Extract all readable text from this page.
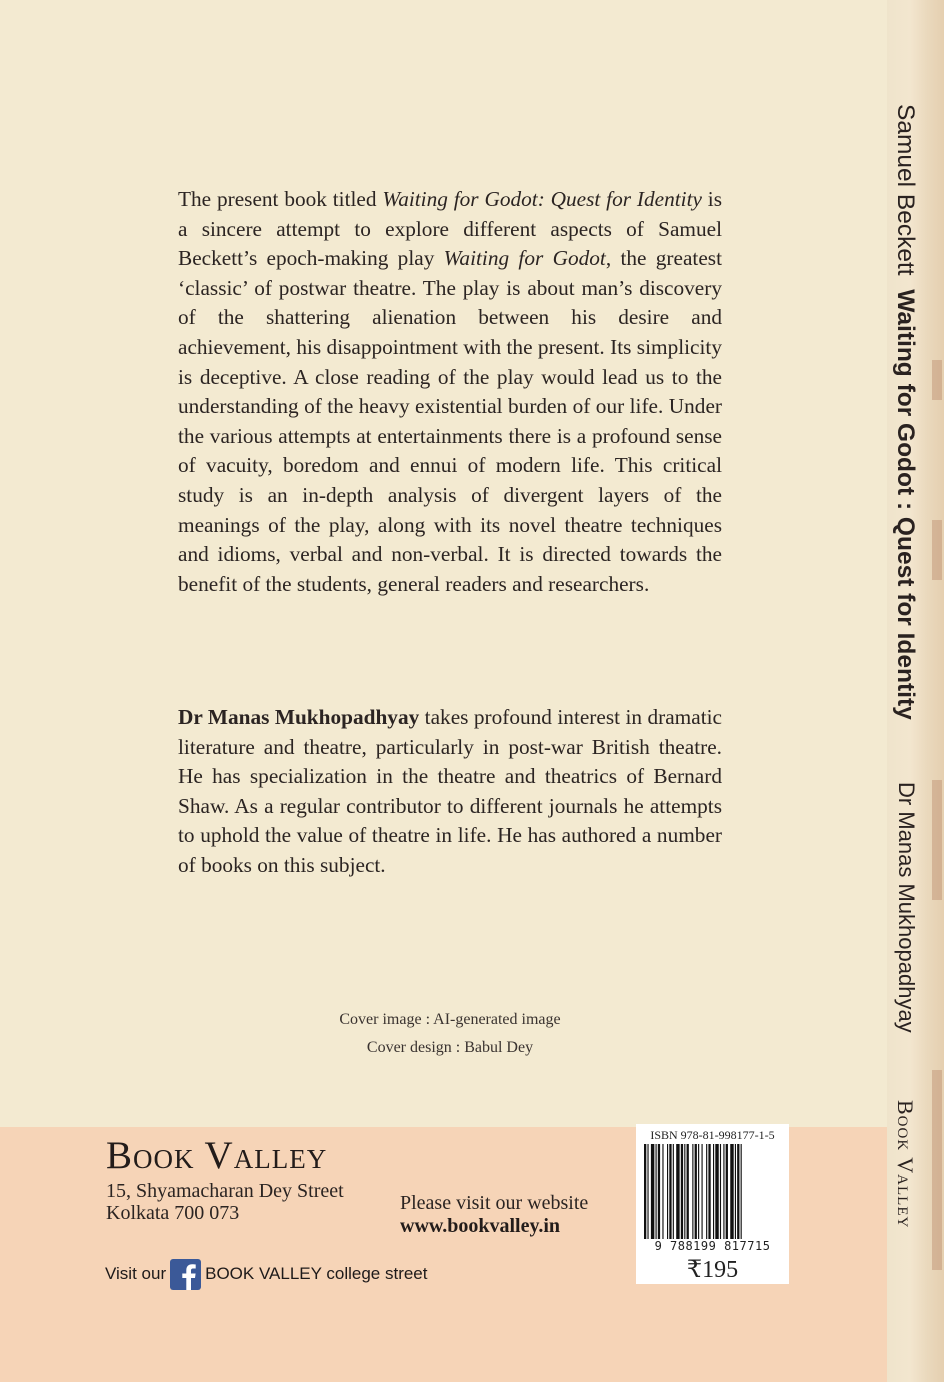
The present book titled Waiting for Godot: Quest for Identity is a sincere attempt to explore different aspects of Samuel Beckett’s epoch-making play Waiting for Godot, the greatest ‘classic’ of postwar theatre. The play is about man’s discovery of the shattering alienation between his desire and achievement, his disappointment with the present. Its simplicity is deceptive. A close reading of the play would lead us to the understanding of the heavy existential burden of our life. Under the various attempts at entertainments there is a profound sense of vacuity, boredom and ennui of modern life. This critical study is an in-depth analysis of divergent layers of the meanings of the play, along with its novel theatre techniques and idioms, verbal and non-verbal. It is directed towards the benefit of the students, general readers and researchers.

Dr Manas Mukhopadhyay takes profound interest in dramatic literature and theatre, particularly in post-war British theatre. He has specialization in the theatre and theatrics of Bernard Shaw. As a regular contributor to different journals he attempts to uphold the value of theatre in life. He has authored a number of books on this subject.

Cover image : AI-generated image

Cover design : Babul Dey

Book Valley
15, Shyamacharan Dey Street
Kolkata 700 073	Please visit our website
www.bookvalley.in
Visit our BOOK VALLEY college street
ISBN 978-81-998177-1-5
9 788199 817715
₹195
Samuel Beckett  Waiting for Godot : Quest for Identity
Dr Manas Mukhopadhyay
Book Valley
